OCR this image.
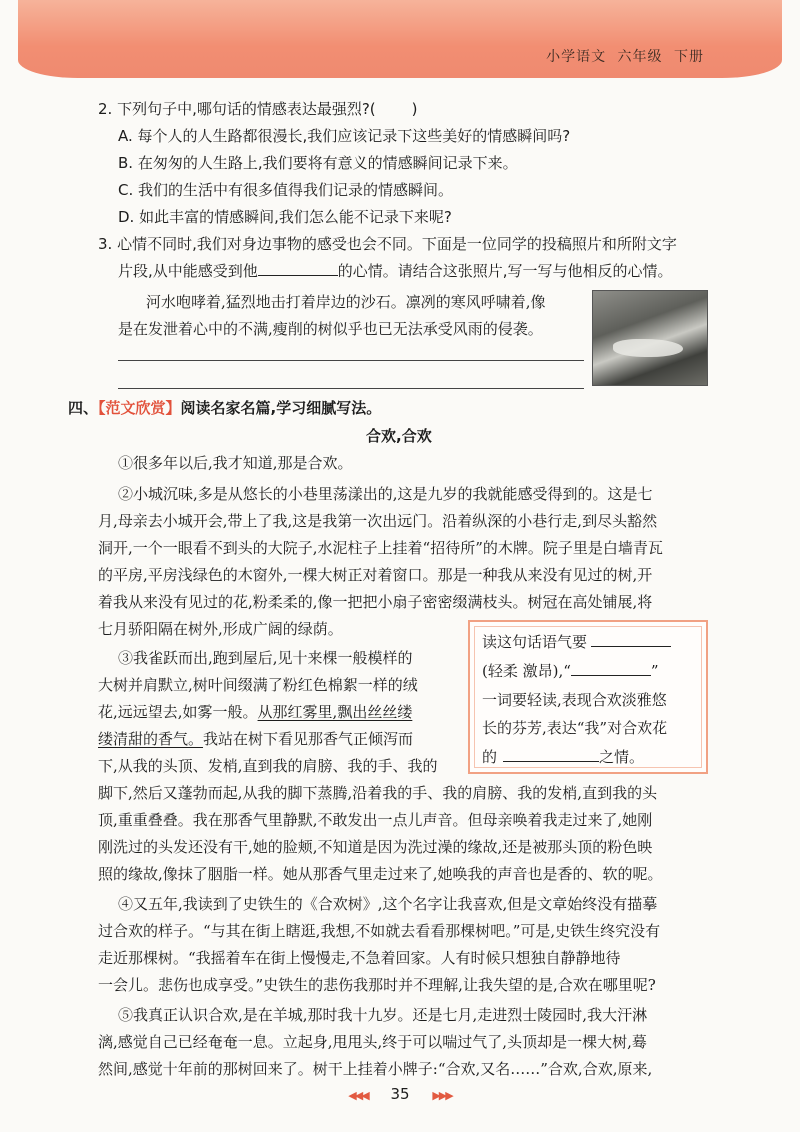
小学语文 六年级 下册
2. 下列句子中,哪句话的情感表达最强烈?( )
A. 每个人的人生路都很漫长,我们应该记录下这些美好的情感瞬间吗?
B. 在匆匆的人生路上,我们要将有意义的情感瞬间记录下来。
C. 我们的生活中有很多值得我们记录的情感瞬间。
D. 如此丰富的情感瞬间,我们怎么能不记录下来呢?
3. 心情不同时,我们对身边事物的感受也会不同。下面是一位同学的投稿照片和所附文字
片段,从中能感受到他	的心情。请结合这张照片,写一写与他相反的心情。
河水咆哮着,猛烈地击打着岸边的沙石。凛冽的寒风呼啸着,像
是在发泄着心中的不满,瘦削的树似乎也已无法承受风雨的侵袭。
四、【范文欣赏】阅读名家名篇,学习细腻写法。
合欢,合欢
①很多年以后,我才知道,那是合欢。
②小城沉味,多是从悠长的小巷里荡漾出的,这是九岁的我就能感受得到的。这是七
月,母亲去小城开会,带上了我,这是我第一次出远门。沿着纵深的小巷行走,到尽头豁然
洞开,一个一眼看不到头的大院子,水泥柱子上挂着“招待所”的木牌。院子里是白墙青瓦
的平房,平房浅绿色的木窗外,一棵大树正对着窗口。那是一种我从来没有见过的树,开
着我从来没有见过的花,粉柔柔的,像一把把小扇子密密缀满枝头。树冠在高处铺展,将
七月骄阳隔在树外,形成广阔的绿荫。
③我雀跃而出,跑到屋后,见十来棵一般模样的
大树并肩默立,树叶间缀满了粉红色棉絮一样的绒
花,远远望去,如雾一般。从那红雾里,飘出丝丝缕
缕清甜的香气。我站在树下看见那香气正倾泻而
下,从我的头顶、发梢,直到我的肩膀、我的手、我的
脚下,然后又蓬勃而起,从我的脚下蒸腾,沿着我的手、我的肩膀、我的发梢,直到我的头
顶,重重叠叠。我在那香气里静默,不敢发出一点儿声音。但母亲唤着我走过来了,她刚
刚洗过的头发还没有干,她的脸颊,不知道是因为洗过澡的缘故,还是被那头顶的粉色映
照的缘故,像抹了胭脂一样。她从那香气里走过来了,她唤我的声音也是香的、软的呢。
④又五年,我读到了史铁生的《合欢树》,这个名字让我喜欢,但是文章始终没有描摹
过合欢的样子。“与其在街上瞎逛,我想,不如就去看看那棵树吧。”可是,史铁生终究没有
走近那棵树。“我摇着车在街上慢慢走,不急着回家。人有时候只想独自静静地待
一会儿。悲伤也成享受。”史铁生的悲伤我那时并不理解,让我失望的是,合欢在哪里呢?
⑤我真正认识合欢,是在羊城,那时我十九岁。还是七月,走进烈士陵园时,我大汗淋
漓,感觉自己已经奄奄一息。立起身,甩甩头,终于可以喘过气了,头顶却是一棵大树,蓦
然间,感觉十年前的那树回来了。树干上挂着小牌子:“合欢,又名……”合欢,合欢,原来,
读这句话语气要
(轻柔 激昂),“	”
一词要轻读,表现合欢淡雅悠
长的芬芳,表达“我”对合欢花
的	之情。
◀◀◀ 35 ▶▶▶
